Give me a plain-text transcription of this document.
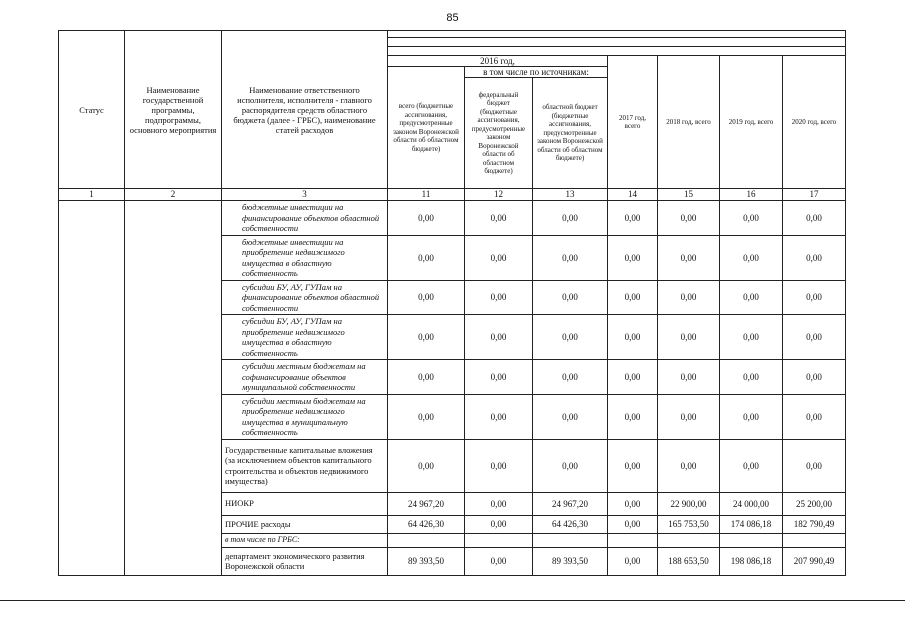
85
Статус	Наименование государственной программы, подпрограммы, основного мероприятия	Наименование ответственного исполнителя, исполнителя - главного распорядителя средств областного бюджета (далее - ГРБС), наименование статей расходов							

			2016 год,			2017 год, всего	2018 год, всего	2019 год, всего	2020 год, всего
			всего (бюджетные ассигнования, предусмотренные законом Воронежской области об областном бюджете)	в том числе по источникам:					
				федеральный бюджет (бюджетные ассигнования, предусмотренные законом Воронежской области об областном бюджете)	областной бюджет (бюджетные ассигнования, предусмотренные законом Воронежской области об областном бюджете)				
1	2	3	11	12	13	14	15	16	17
		бюджетные инвестиции на финансирование объектов областной собственности	0,00	0,00	0,00	0,00	0,00	0,00	0,00
		бюджетные инвестиции на приобретение недвижимого имущества в областную собственность	0,00	0,00	0,00	0,00	0,00	0,00	0,00
		субсидии БУ, АУ, ГУПам на финансирование объектов областной собственности	0,00	0,00	0,00	0,00	0,00	0,00	0,00
		субсидии БУ, АУ, ГУПам на приобретение недвижимого имущества в областную собственность	0,00	0,00	0,00	0,00	0,00	0,00	0,00
		субсидии местным бюджетам на софинансирование объектов муниципальной собственности	0,00	0,00	0,00	0,00	0,00	0,00	0,00
		субсидии местным бюджетам на приобретение недвижимого имущества в муниципальную собственность	0,00	0,00	0,00	0,00	0,00	0,00	0,00
		Государственные капитальные вложения (за исключением объектов капитального строительства и объектов недвижимого имущества)	0,00	0,00	0,00	0,00	0,00	0,00	0,00
		НИОКР	24 967,20	0,00	24 967,20	0,00	22 900,00	24 000,00	25 200,00
		ПРОЧИЕ расходы	64 426,30	0,00	64 426,30	0,00	165 753,50	174 086,18	182 790,49
		в том числе по ГРБС:							
		департамент экономического развития Воронежской области	89 393,50	0,00	89 393,50	0,00	188 653,50	198 086,18	207 990,49
